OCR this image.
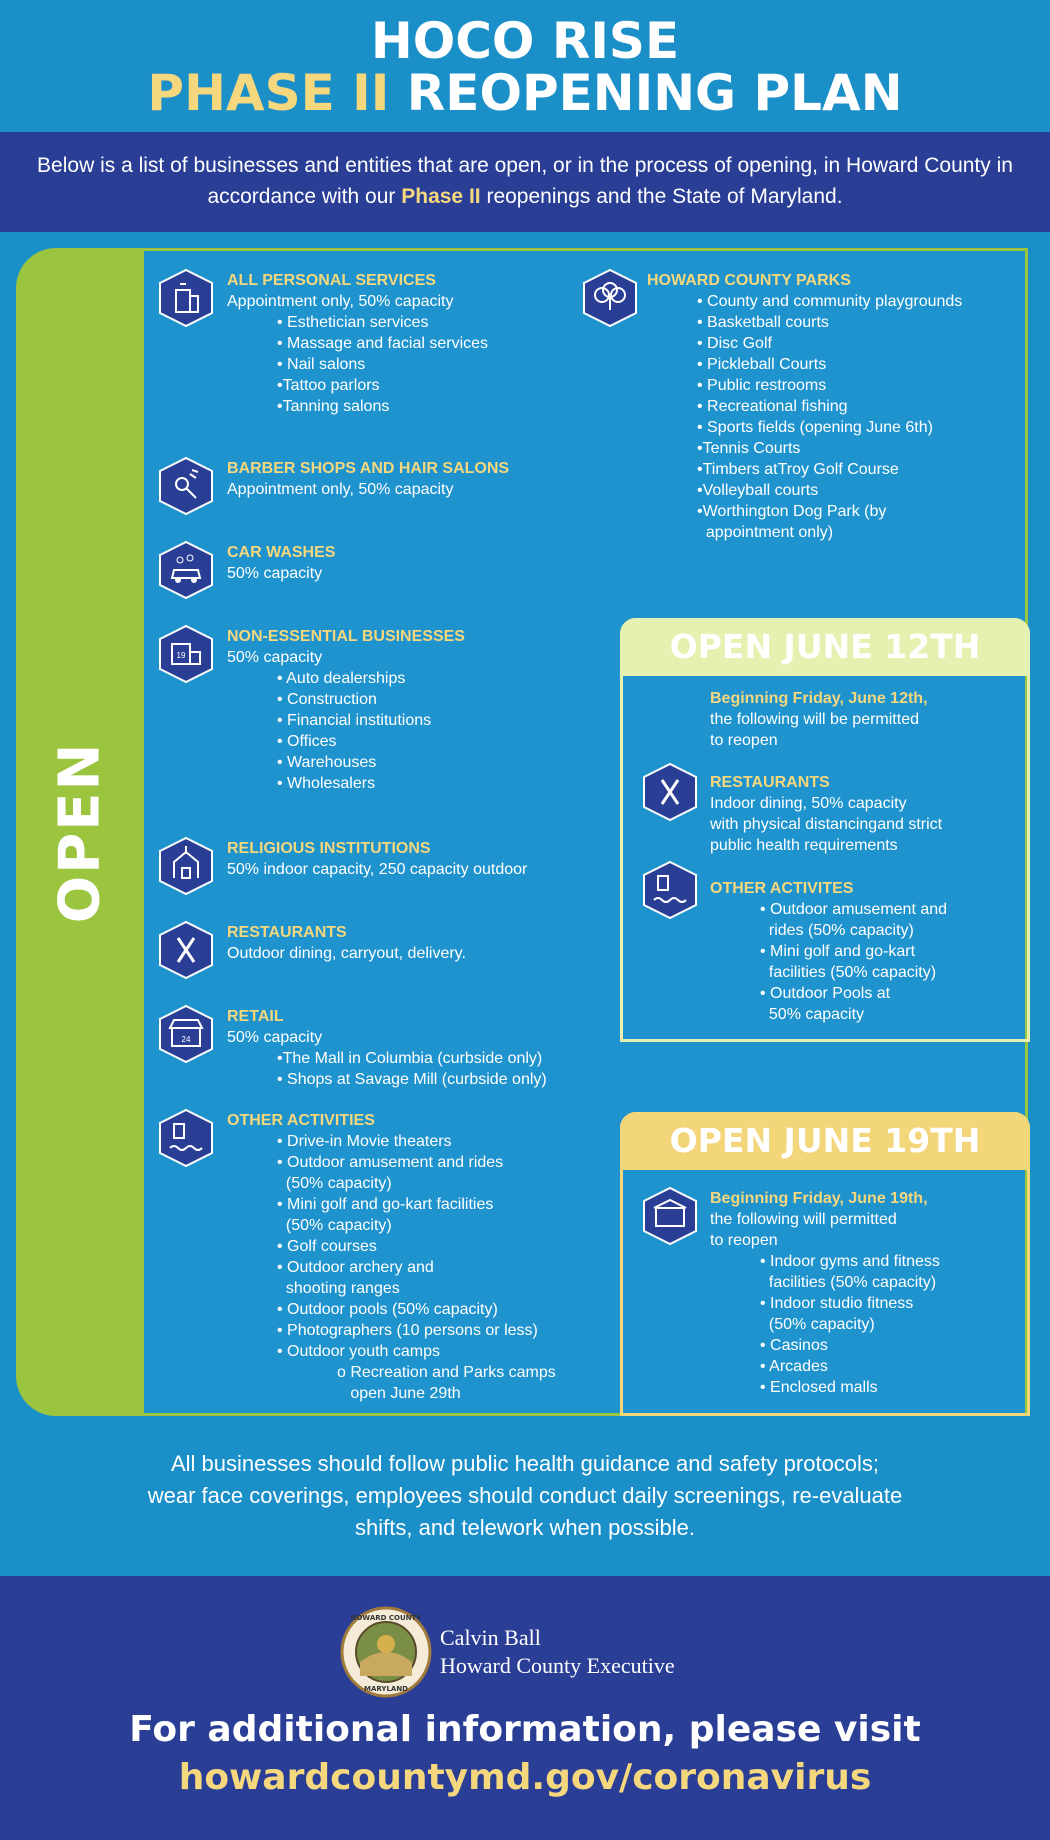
HOCO RISE
PHASE II REOPENING PLAN

Below is a list of businesses and entities that are open, or in the process of opening, in Howard County in accordance with our Phase II reopenings and the State of Maryland.

OPEN
ALL PERSONAL SERVICES
Appointment only, 50% capacity
• Esthetician services
• Massage and facial services
• Nail salons
•Tattoo parlors
•Tanning salons
BARBER SHOPS AND HAIR SALONS
Appointment only, 50% capacity
CAR WASHES
50% capacity
19
NON-ESSENTIAL BUSINESSES
50% capacity
• Auto dealerships
• Construction
• Financial institutions
• Offices
• Warehouses
• Wholesalers
RELIGIOUS INSTITUTIONS
50% indoor capacity, 250 capacity outdoor
RESTAURANTS
Outdoor dining, carryout, delivery.
24
RETAIL
50% capacity
•The Mall in Columbia (curbside only)
• Shops at Savage Mill (curbside only)
OTHER ACTIVITIES
• Drive-in Movie theaters
• Outdoor amusement and rides
(50% capacity)
• Mini golf and go-kart facilities
(50% capacity)
• Golf courses
• Outdoor archery and
shooting ranges
• Outdoor pools (50% capacity)
• Photographers (10 persons or less)
• Outdoor youth camps
o Recreation and Parks camps
open June 29th
HOWARD COUNTY PARKS
• County and community playgrounds
• Basketball courts
• Disc Golf
• Pickleball Courts
• Public restrooms
• Recreational fishing
• Sports fields (opening June 6th)
•Tennis Courts
•Timbers atTroy Golf Course
•Volleyball courts
•Worthington Dog Park (by
appointment only)
OPEN JUNE 12TH
Beginning Friday, June 12th,
the following will be permitted
to reopen
RESTAURANTS
Indoor dining, 50% capacity
with physical distancingand strict
public health requirements
OTHER ACTIVITES
• Outdoor amusement and
rides (50% capacity)
• Mini golf and go-kart
facilities (50% capacity)
• Outdoor Pools at
50% capacity
OPEN JUNE 19TH
Beginning Friday, June 19th,
the following will permitted
to reopen
• Indoor gyms and fitness
facilities (50% capacity)
• Indoor studio fitness
(50% capacity)
• Casinos
• Arcades
• Enclosed malls
All businesses should follow public health guidance and safety protocols;
wear face coverings, employees should conduct daily screenings, re-evaluate
shifts, and telework when possible.
HOWARD COUNTY
MARYLAND
Calvin Ball
Howard County Executive
For additional information, please visit
howardcountymd.gov/coronavirus
